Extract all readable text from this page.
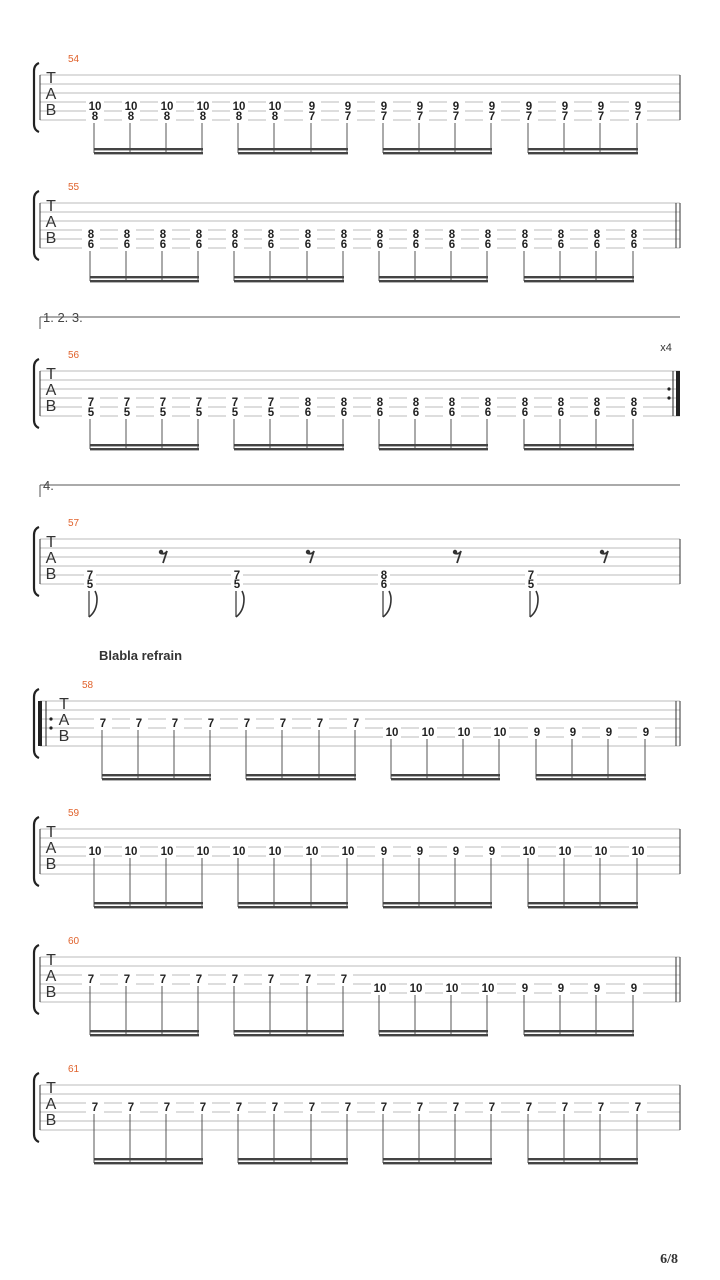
54
T
A
B	10
8
10
8
10
8
10
8
10
8
10
8
9
7
9
7
9
7
9
7
9
7
9
7
9
7
9
7
9
7
9
7
55
T
A
B	8
6
8
6
8
6
8
6
8
6
8
6
8
6
8
6
8
6
8
6
8
6
8
6
8
6
8
6
8
6
8
6
1. 2. 3.
56
T
A
B
x4
7
5
7
5
7
5
7
5
7
5
7
5
8
6
8
6
8
6
8
6
8
6
8
6
8
6
8
6
8
6
8
6
4.
57
T
A
B	7
5
7
5
8
6
7
5
Blabla refrain
58
T
A
B
7	7	7	7	7	7	7	7
10 10 10 10 9	9	9	9
59
T
A
B
10 10 10 10 10 10 10 10 9	9	9	9 10 10 10 10
60
T
A
B
7	7	7	7	7	7	7	7
10 10 10 10 9	9	9	9
61
T
A
B
7	7	7	7	7	7	7	7	7	7	7	7	7	7	7	7
6/8
